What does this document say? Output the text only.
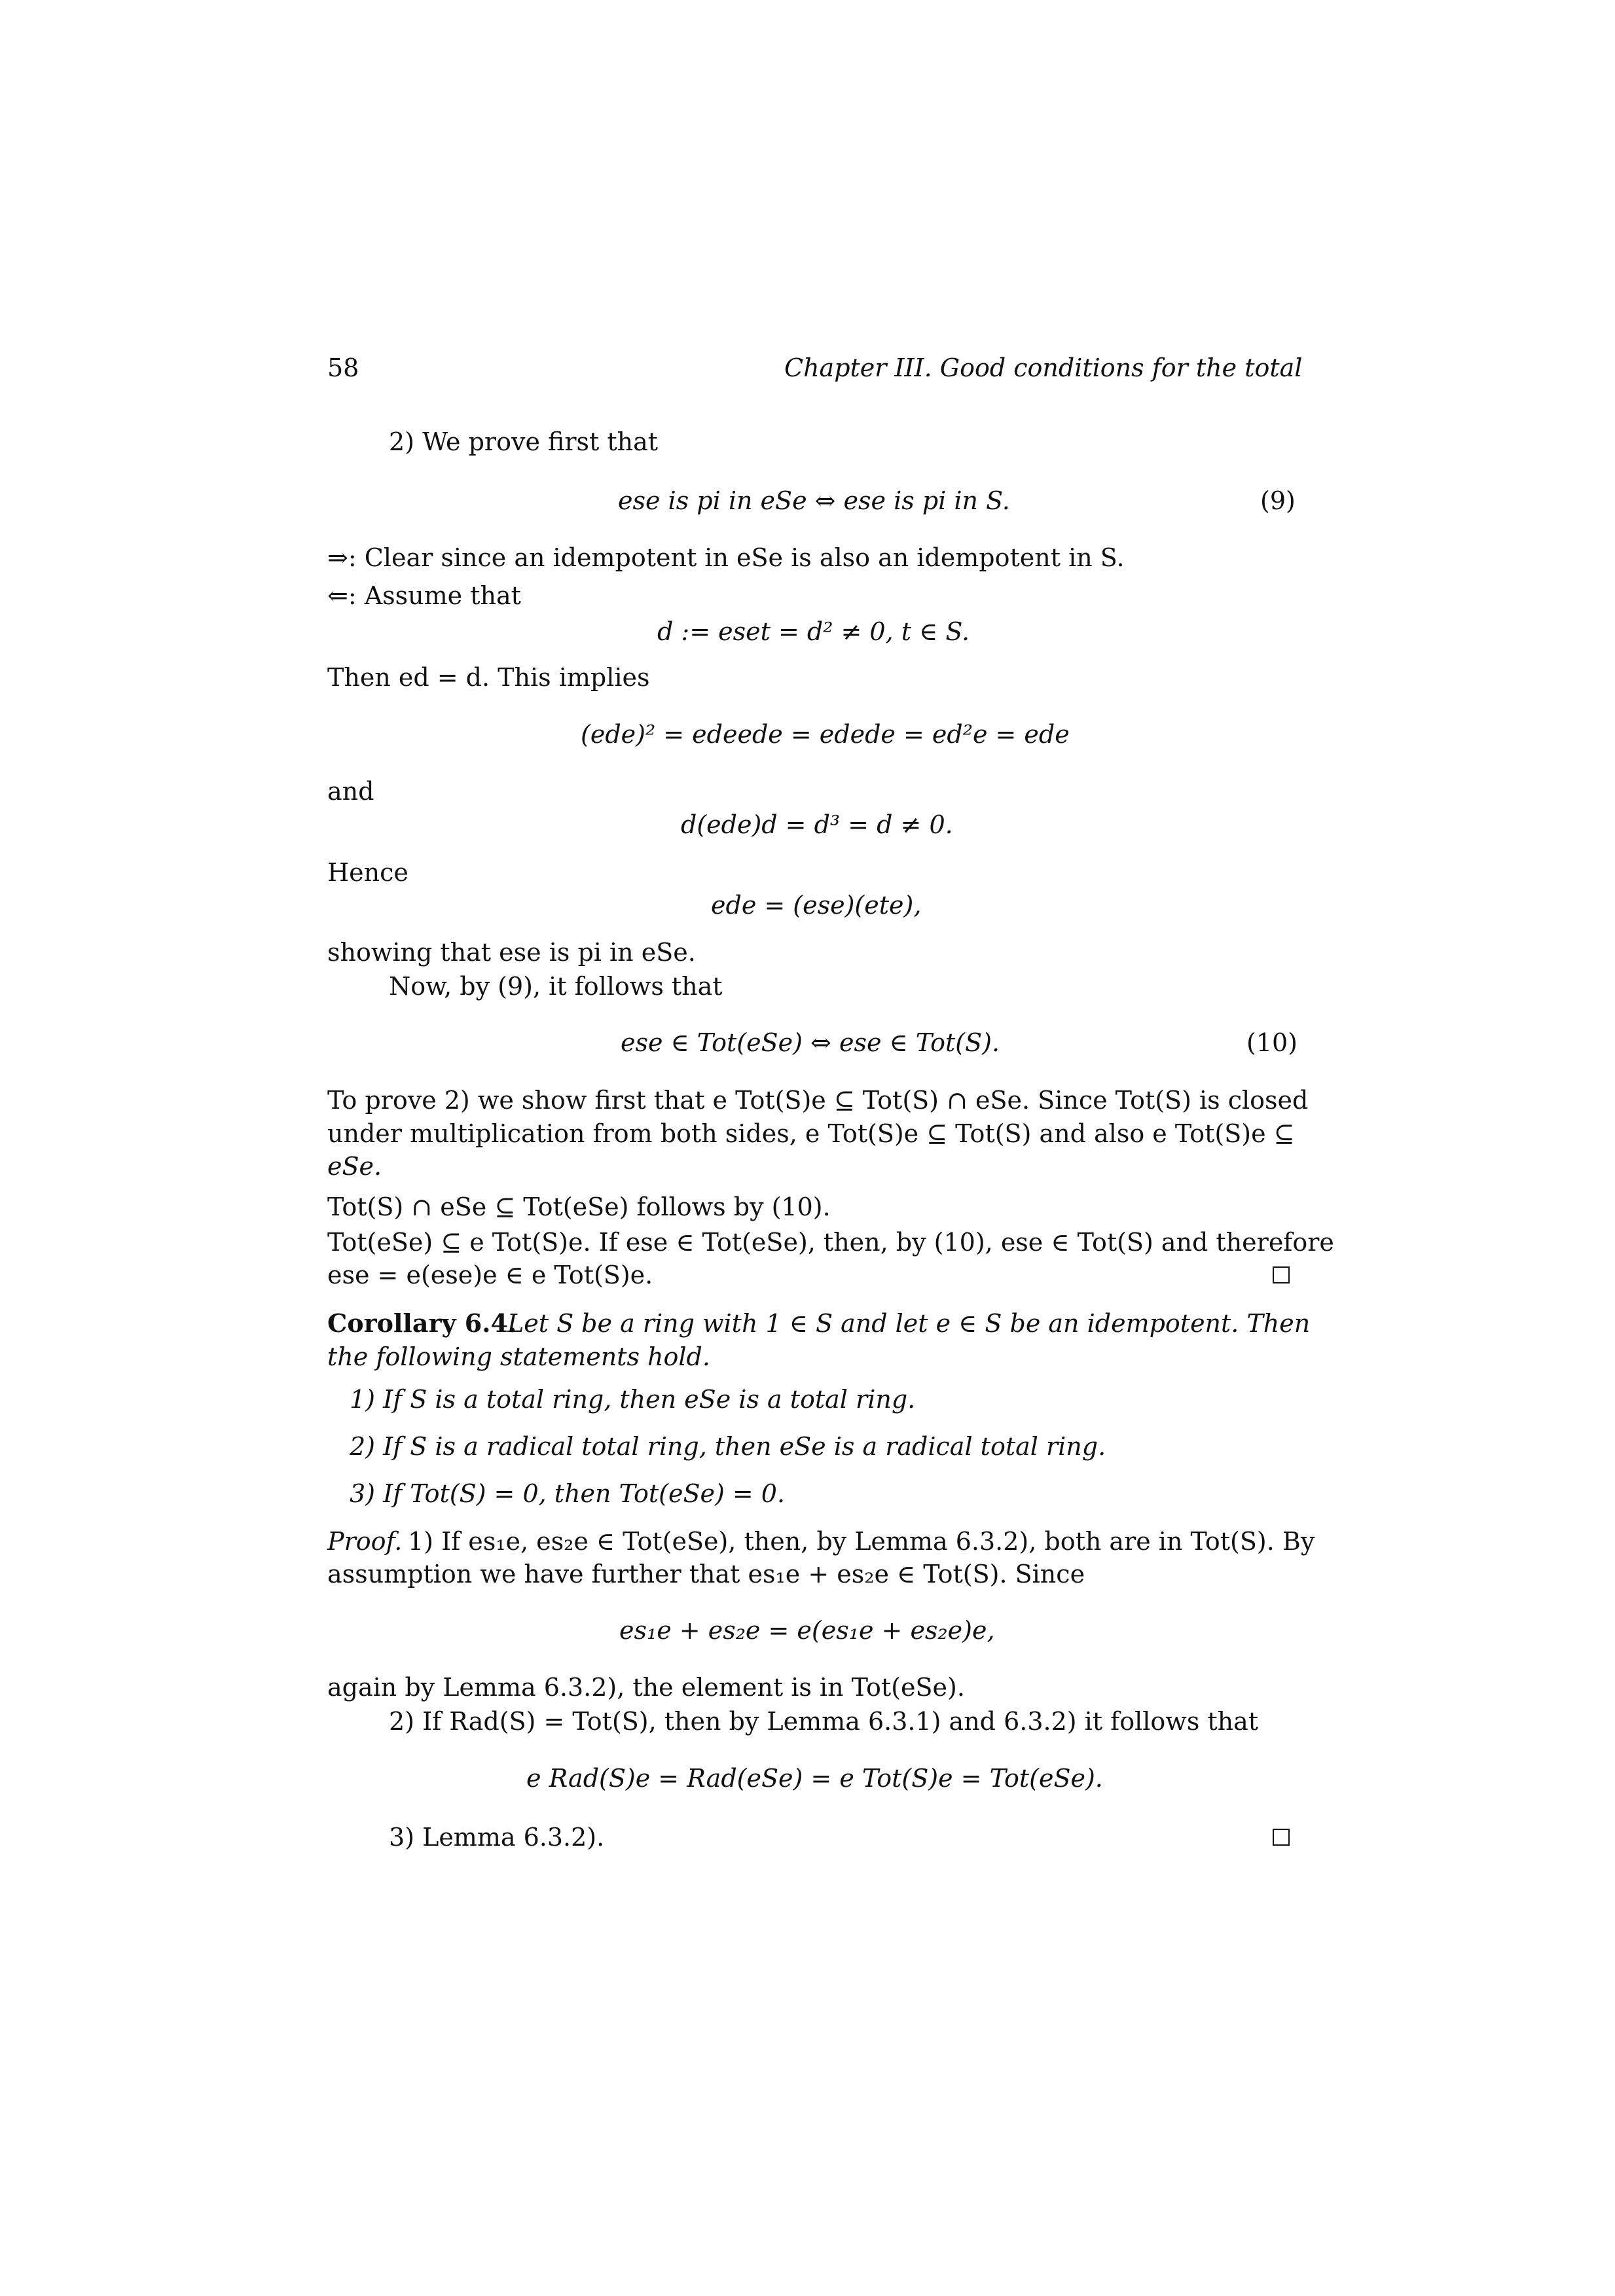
58	Chapter III. Good conditions for the total
2) We prove first that
ese is pi in eSe ⇔ ese is pi in S.	(9)
⇒: Clear since an idempotent in eSe is also an idempotent in S.
⇐: Assume that
d := eset = d² ≠ 0, t ∈ S.
Then ed = d. This implies
(ede)² = edeede = edede = ed²e = ede
and
d(ede)d = d³ = d ≠ 0.
Hence
ede = (ese)(ete),
showing that ese is pi in eSe.
Now, by (9), it follows that
ese ∈ Tot(eSe) ⇔ ese ∈ Tot(S).	(10)
To prove 2) we show first that e Tot(S)e ⊆ Tot(S) ∩ eSe. Since Tot(S) is closed
under multiplication from both sides, e Tot(S)e ⊆ Tot(S) and also e Tot(S)e ⊆
eSe.
Tot(S) ∩ eSe ⊆ Tot(eSe) follows by (10).
Tot(eSe) ⊆ e Tot(S)e. If ese ∈ Tot(eSe), then, by (10), ese ∈ Tot(S) and therefore
ese = e(ese)e ∈ e Tot(S)e.
Corollary 6.4.
Let S be a ring with 1 ∈ S and let e ∈ S be an idempotent. Then
the following statements hold.
1) If S is a total ring, then eSe is a total ring.
2) If S is a radical total ring, then eSe is a radical total ring.
3) If Tot(S) = 0, then Tot(eSe) = 0.
Proof. 1) If es₁e, es₂e ∈ Tot(eSe), then, by Lemma 6.3.2), both are in Tot(S). By
assumption we have further that es₁e + es₂e ∈ Tot(S). Since
es₁e + es₂e = e(es₁e + es₂e)e,
again by Lemma 6.3.2), the element is in Tot(eSe).
2) If Rad(S) = Tot(S), then by Lemma 6.3.1) and 6.3.2) it follows that
e Rad(S)e = Rad(eSe) = e Tot(S)e = Tot(eSe).
3) Lemma 6.3.2).
